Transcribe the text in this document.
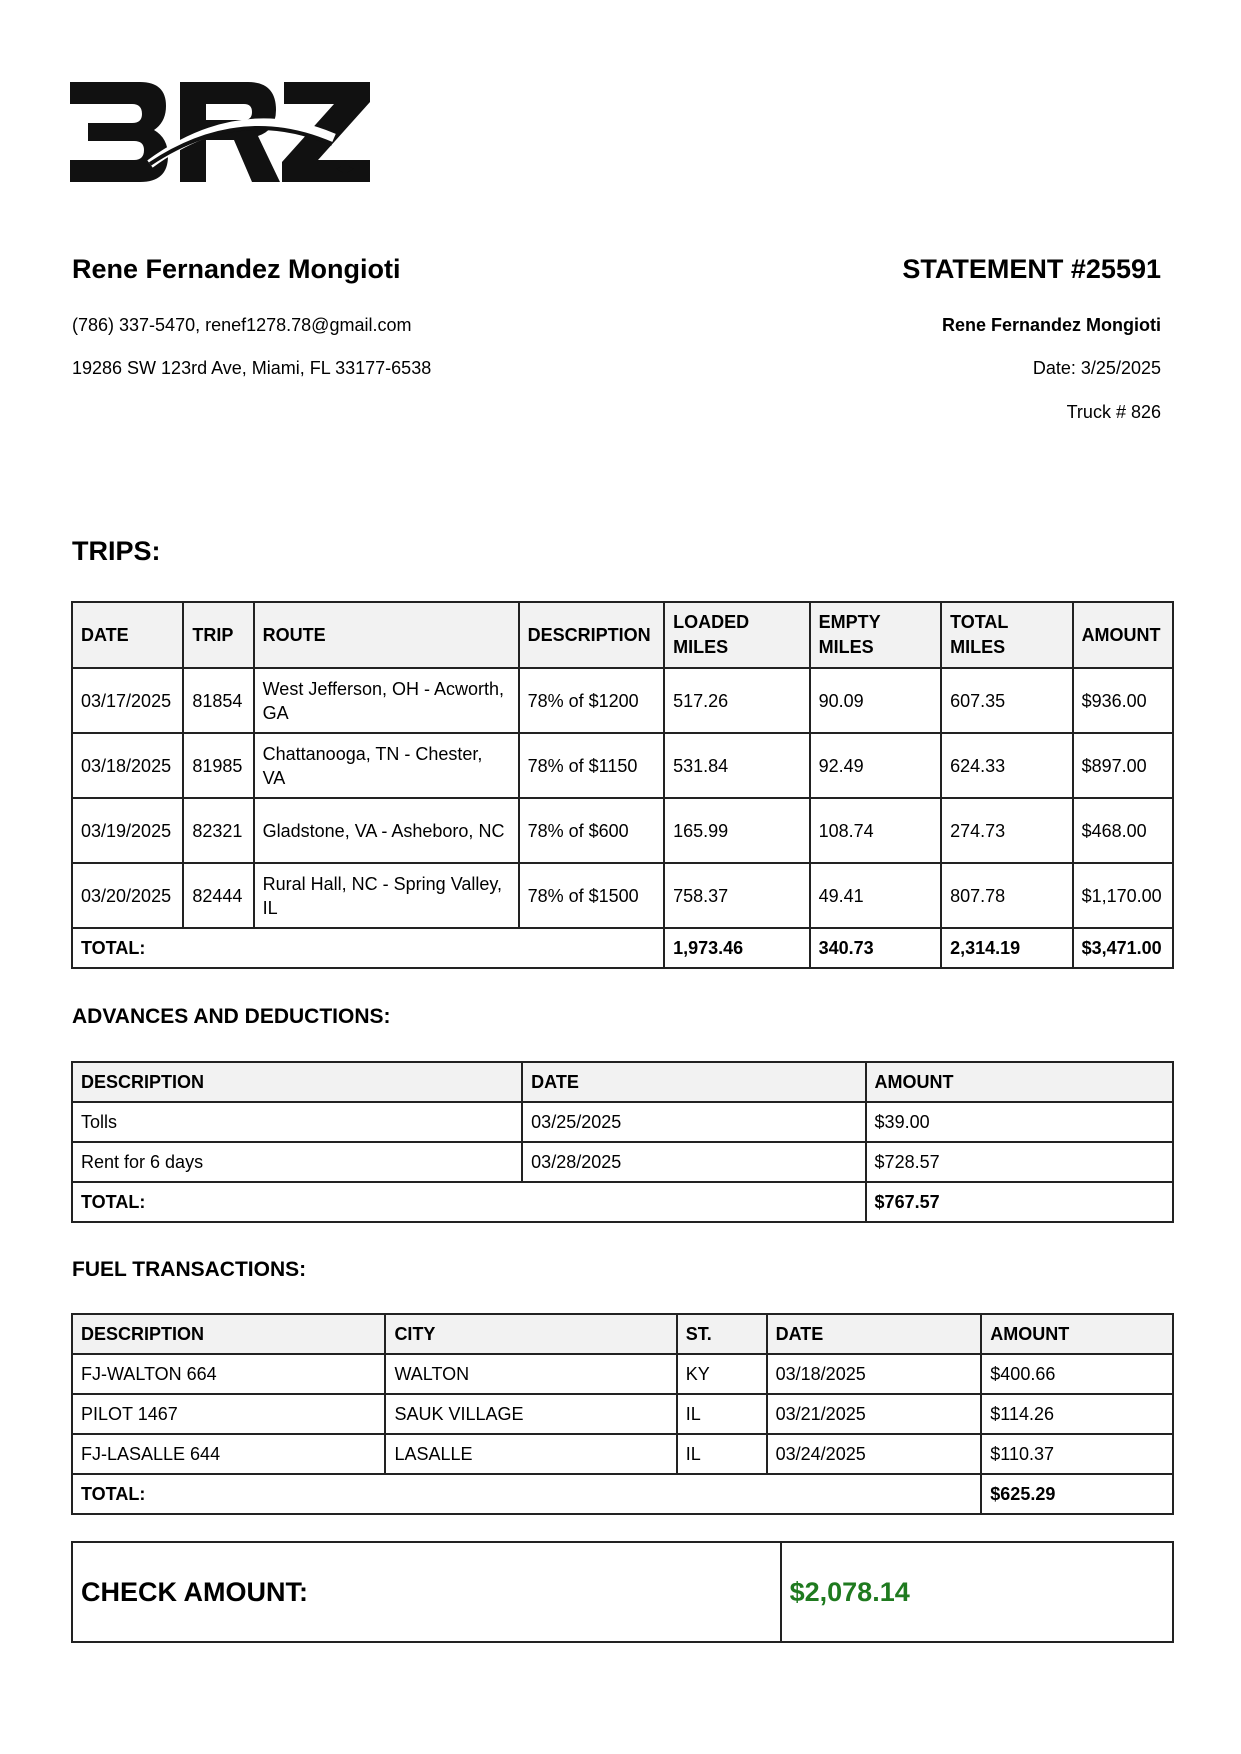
Rene Fernandez Mongioti

(786) 337-5470, renef1278.78@gmail.com

19286 SW 123rd Ave, Miami, FL 33177-6538

STATEMENT #25591

Rene Fernandez Mongioti

Date: 3/25/2025

Truck # 826

TRIPS:

DATE	TRIP	ROUTE	DESCRIPTION	LOADED MILES	EMPTY MILES	TOTAL MILES	AMOUNT
03/17/2025	81854	West Jefferson, OH - Acworth, GA	78% of $1200	517.26	90.09	607.35	$936.00
03/18/2025	81985	Chattanooga, TN - Chester, VA	78% of $1150	531.84	92.49	624.33	$897.00
03/19/2025	82321	Gladstone, VA - Asheboro, NC	78% of $600	165.99	108.74	274.73	$468.00
03/20/2025	82444	Rural Hall, NC - Spring Valley, IL	78% of $1500	758.37	49.41	807.78	$1,170.00
TOTAL:				1,973.46	340.73	2,314.19	$3,471.00

ADVANCES AND DEDUCTIONS:

DESCRIPTION	DATE	AMOUNT
Tolls	03/25/2025	$39.00
Rent for 6 days	03/28/2025	$728.57
TOTAL:		$767.57

FUEL TRANSACTIONS:

DESCRIPTION	CITY	ST.	DATE	AMOUNT
FJ-WALTON 664	WALTON	KY	03/18/2025	$400.66
PILOT 1467	SAUK VILLAGE	IL	03/21/2025	$114.26
FJ-LASALLE 644	LASALLE	IL	03/24/2025	$110.37
TOTAL:				$625.29
CHECK AMOUNT:	$2,078.14
